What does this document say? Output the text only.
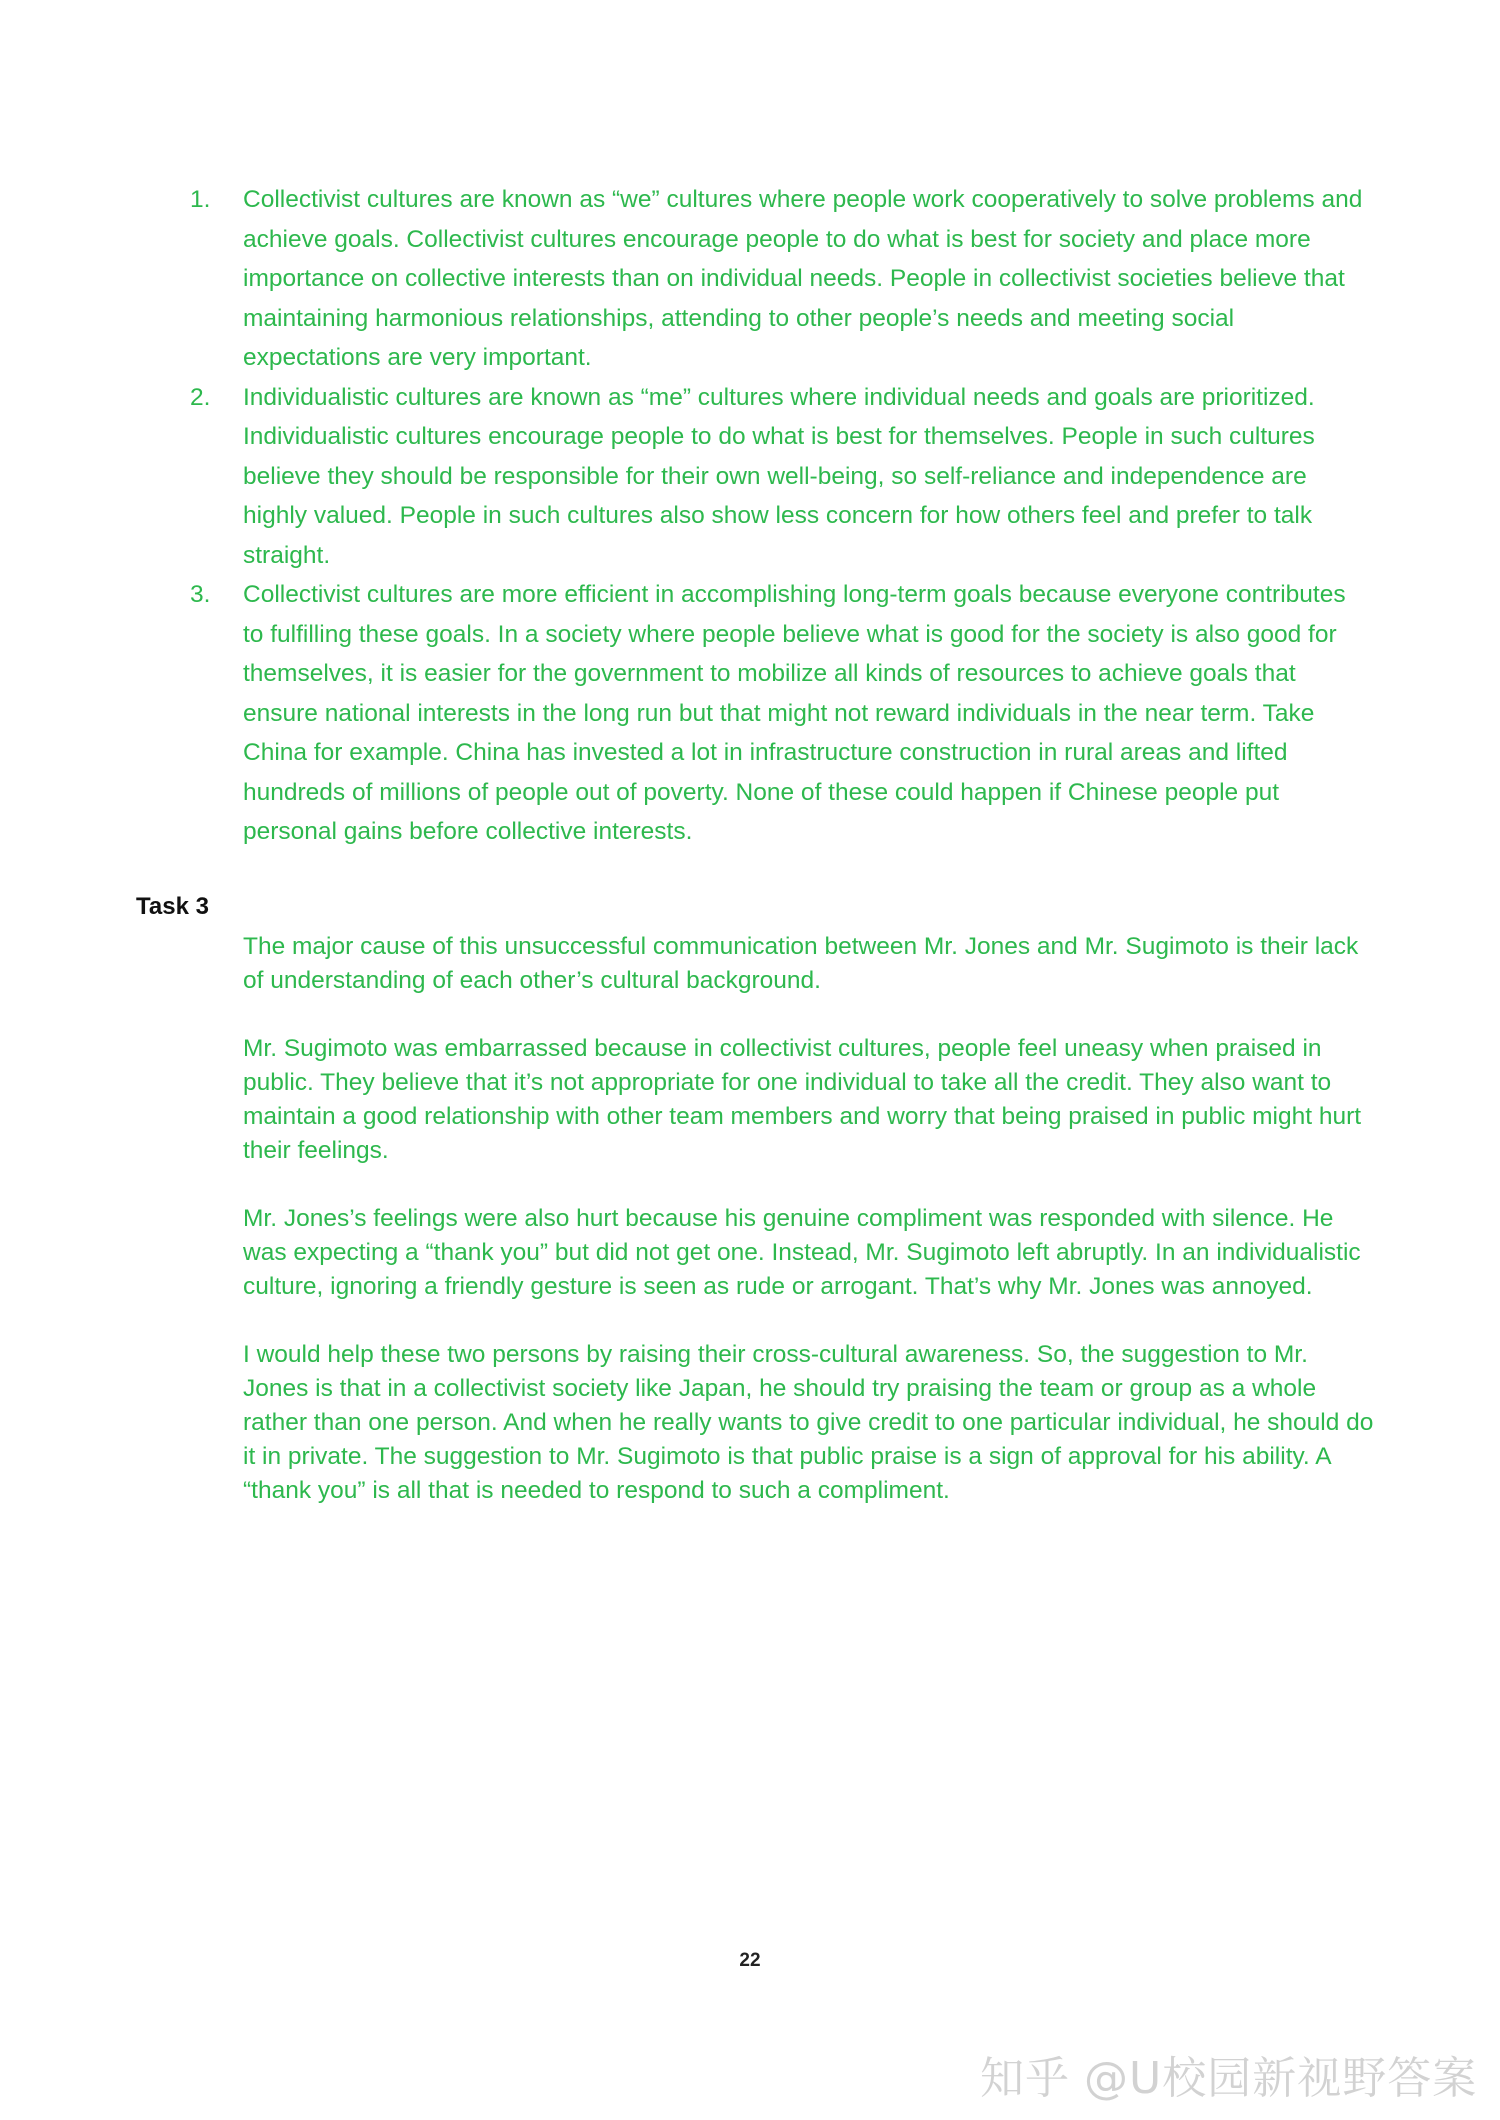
1.	Collectivist cultures are known as “we” cultures where people work cooperatively to solve problems and achieve goals. Collectivist cultures encourage people to do what is best for society and place more importance on collective interests than on individual needs. People in collectivist societies believe that maintaining harmonious relationships, attending to other people’s needs and meeting social expectations are very important.
2.	Individualistic cultures are known as “me” cultures where individual needs and goals are prioritized. Individualistic cultures encourage people to do what is best for themselves. People in such cultures believe they should be responsible for their own well-being, so self-reliance and independence are highly valued. People in such cultures also show less concern for how others feel and prefer to talk straight.
3.	Collectivist cultures are more efficient in accomplishing long-term goals because everyone contributes to fulfilling these goals. In a society where people believe what is good for the society is also good for themselves, it is easier for the government to mobilize all kinds of resources to achieve goals that ensure national interests in the long run but that might not reward individuals in the near term. Take China for example. China has invested a lot in infrastructure construction in rural areas and lifted hundreds of millions of people out of poverty. None of these could happen if Chinese people put personal gains before collective interests.
Task 3

The major cause of this unsuccessful communication between Mr. Jones and Mr. Sugimoto is their lack of understanding of each other’s cultural background.

Mr. Sugimoto was embarrassed because in collectivist cultures, people feel uneasy when praised in public. They believe that it’s not appropriate for one individual to take all the credit. They also want to maintain a good relationship with other team members and worry that being praised in public might hurt their feelings.

Mr. Jones’s feelings were also hurt because his genuine compliment was responded with silence. He was expecting a “thank you” but did not get one. Instead, Mr. Sugimoto left abruptly. In an individualistic culture, ignoring a friendly gesture is seen as rude or arrogant. That’s why Mr. Jones was annoyed.

I would help these two persons by raising their cross-cultural awareness. So, the suggestion to Mr. Jones is that in a collectivist society like Japan, he should try praising the team or group as a whole rather than one person. And when he really wants to give credit to one particular individual, he should do it in private. The suggestion to Mr. Sugimoto is that public praise is a sign of approval for his ability. A “thank you” is all that is needed to respond to such a compliment.

22
知乎 @U校园新视野答案
